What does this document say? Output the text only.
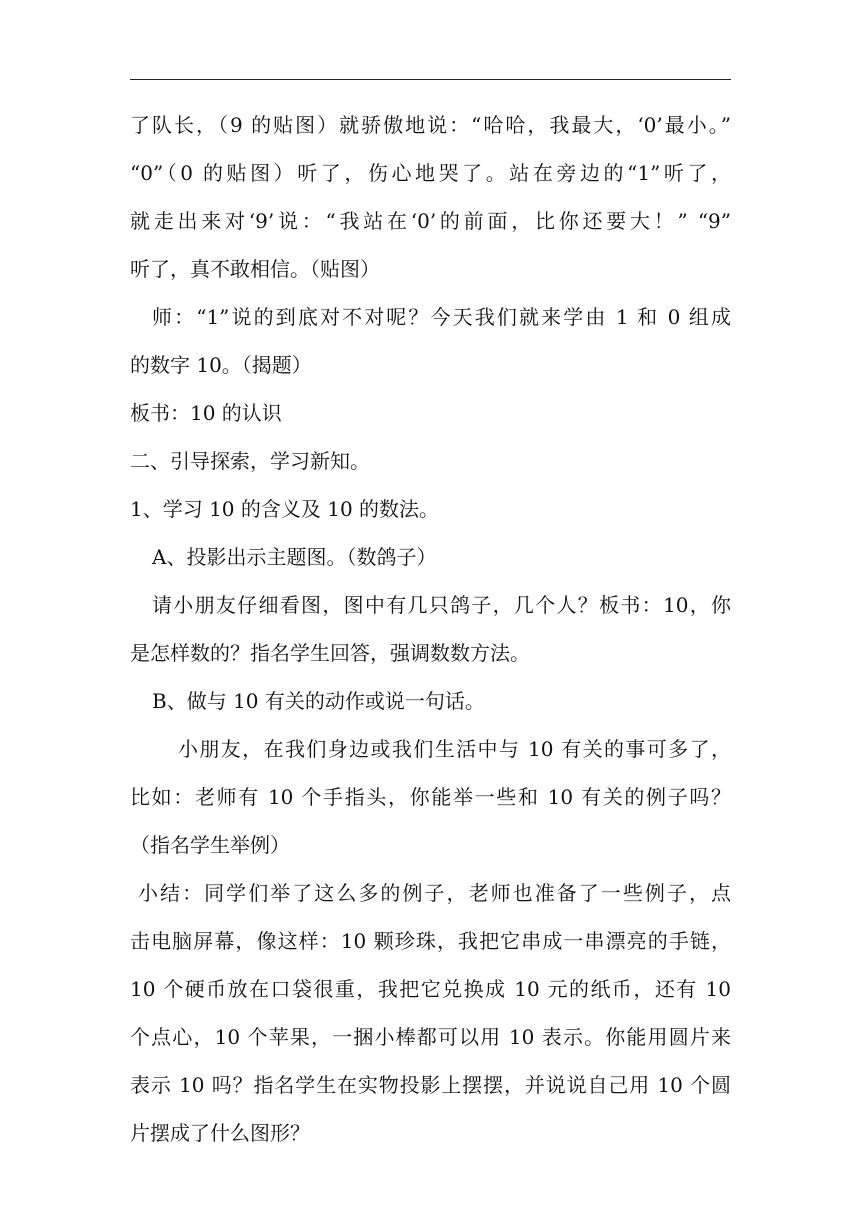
了队长，（9 的贴图）就骄傲地说：“哈哈，我最大，‘0’最小。”
“0”（0 的贴图）听了，伤心地哭了。站在旁边的“1”听了，
就走出来对‘9’说：“我站在‘0’的前面，比你还要大！” “9”
听了，真不敢相信。（贴图）
师：“1”说的到底对不对呢？今天我们就来学由 1 和 0 组成
的数字 10。（揭题）
板书：10 的认识
二、引导探索，学习新知。
1、学习 10 的含义及 10 的数法。
A、投影出示主题图。（数鸽子）
请小朋友仔细看图，图中有几只鸽子，几个人？板书：10，你
是怎样数的？指名学生回答，强调数数方法。
B、做与 10 有关的动作或说一句话。
小朋友，在我们身边或我们生活中与 10 有关的事可多了，
比如：老师有 10 个手指头，你能举一些和 10 有关的例子吗？
（指名学生举例）
小结：同学们举了这么多的例子，老师也准备了一些例子，点
击电脑屏幕，像这样：10 颗珍珠，我把它串成一串漂亮的手链，
10 个硬币放在口袋很重，我把它兑换成 10 元的纸币，还有 10
个点心，10 个苹果，一捆小棒都可以用 10 表示。你能用圆片来
表示 10 吗？指名学生在实物投影上摆摆，并说说自己用 10 个圆
片摆成了什么图形？
